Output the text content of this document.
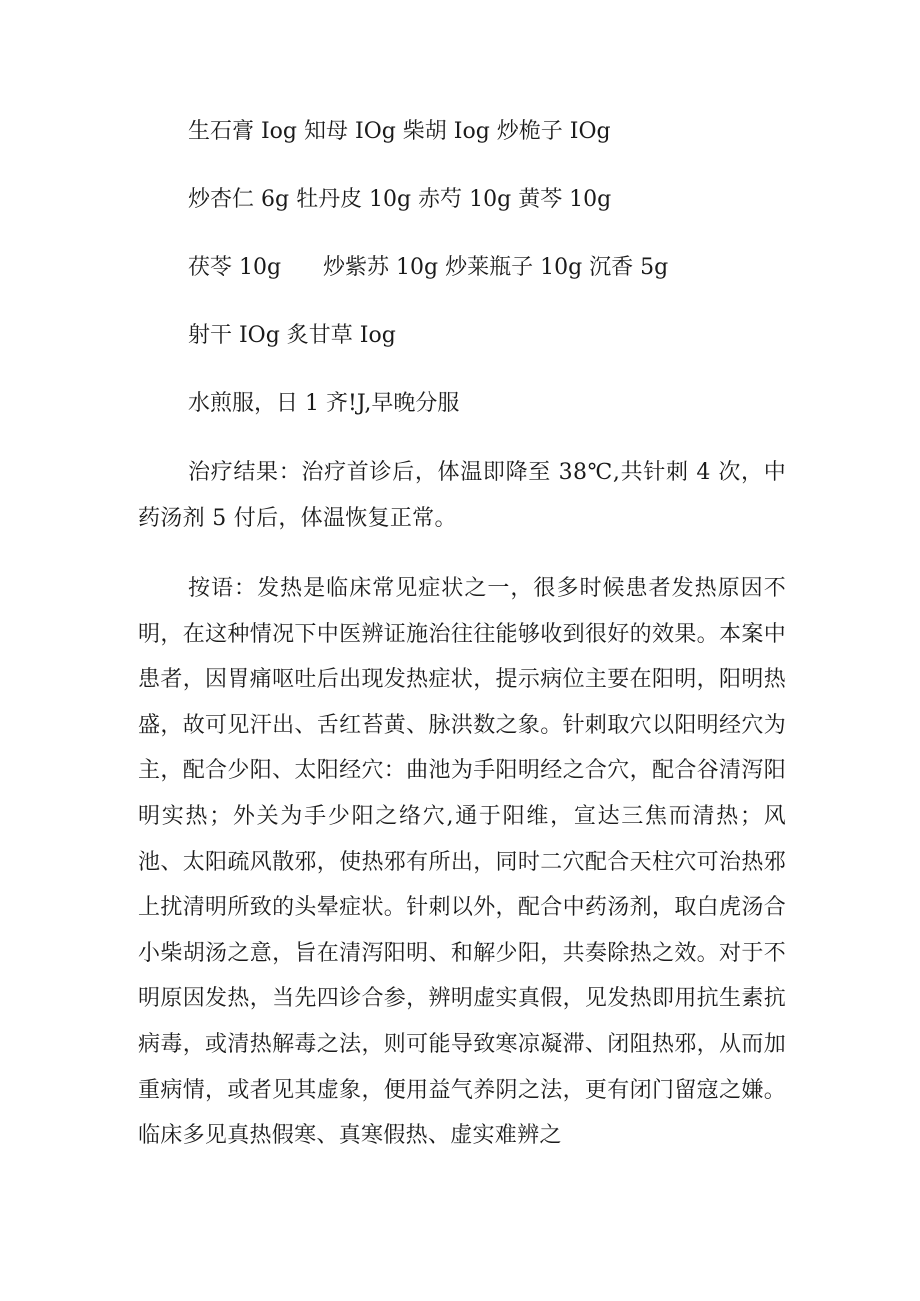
生石膏 Iog 知母 IOg 柴胡 Iog 炒桅子 IOg
炒杏仁 6g 牡丹皮 10g 赤芍 10g 黄芩 10g
茯苓 10g      炒紫苏 10g 炒莱瓶子 10g 沉香 5g
射干 IOg 炙甘草 Iog
水煎服，日 1 齐!J,早晚分服
治疗结果：治疗首诊后，体温即降至 38℃,共针刺 4 次，中药汤剂 5 付后，体温恢复正常。
按语：发热是临床常见症状之一，很多时候患者发热原因不明，在这种情况下中医辨证施治往往能够收到很好的效果。本案中患者，因胃痛呕吐后出现发热症状，提示病位主要在阳明，阳明热盛，故可见汗出、舌红苔黄、脉洪数之象。针刺取穴以阳明经穴为主，配合少阳、太阳经穴：曲池为手阳明经之合穴，配合谷清泻阳明实热；外关为手少阳之络穴,通于阳维，宣达三焦而清热；风池、太阳疏风散邪，使热邪有所出，同时二穴配合天柱穴可治热邪上扰清明所致的头晕症状。针刺以外，配合中药汤剂，取白虎汤合小柴胡汤之意，旨在清泻阳明、和解少阳，共奏除热之效。对于不明原因发热，当先四诊合参，辨明虚实真假，见发热即用抗生素抗病毒，或清热解毒之法，则可能导致寒凉凝滞、闭阻热邪，从而加重病情，或者见其虚象，便用益气养阴之法，更有闭门留寇之嫌。临床多见真热假寒、真寒假热、虚实难辨之
